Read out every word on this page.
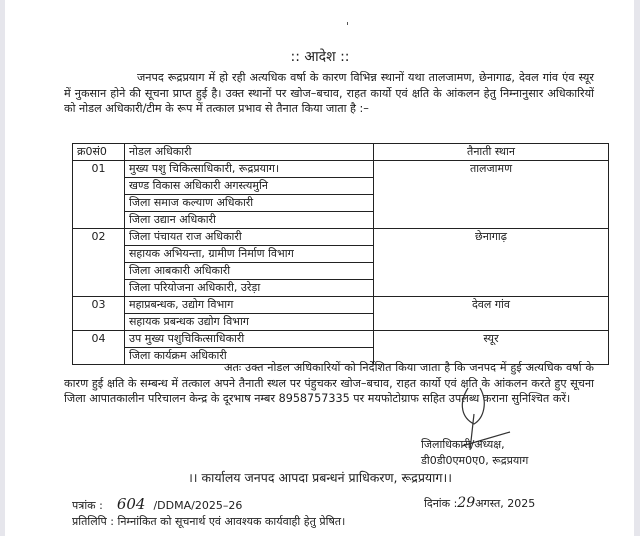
:: आदेश ::
जनपद रूद्रप्रयाग में हो रही अत्यधिक वर्षा के कारण विभिन्न स्थानों यथा तालजामण, छेनागाढ, देवल गांव एंव स्यूर में नुकसान होने की सूचना प्राप्त हुई है। उक्त स्थानों पर खोज–बचाव, राहत कार्यो एवं क्षति के आंकलन हेतु निम्नानुसार अधिकारियों को नोडल अधिकारी/टीम के रूप में तत्काल प्रभाव से तैनात किया जाता है :–
क्र0सं0	नोडल अधिकारी	तैनाती स्थान
01	मुख्य पशु चिकित्साधिकारी, रूद्रप्रयाग।	तालजामण
	खण्ड विकास अधिकारी अगस्त्यमुनि	
	जिला समाज कल्याण अधिकारी	
	जिला उद्यान अधिकारी	
02	जिला पंचायत राज अधिकारी	छेनागाढ़
	सहायक अभियन्ता, ग्रामीण निर्माण विभाग	
	जिला आबकारी अधिकारी	
	जिला परियोजना अधिकारी, उरेड़ा	
03	महाप्रबन्धक, उद्योग विभाग	देवल गांव
	सहायक प्रबन्धक उद्योग विभाग	
04	उप मुख्य पशुचिकित्साधिकारी	स्यूर
	जिला कार्यक्रम अधिकारी	
अतः उक्त नोडल अधिकारियों को निर्देशित किया जाता है कि जनपद में हुई अत्यधिक वर्षा के कारण हुई क्षति के सम्बन्ध में तत्काल अपने तैनाती स्थल पर पंहुचकर खोज–बचाव, राहत कार्यो एवं क्षति के आंकलन करते हुए सूचना जिला आपातकालीन परिचालन केन्द्र के दूरभाष नम्बर 8958757335 पर मयफोटोग्राफ सहित उपलब्ध कराना सुनिश्चित करें।
जिलाधिकारी/अध्यक्ष,
डी0डी0एम0ए0, रूद्रप्रयाग
।। कार्यालय जनपद आपदा प्रबन्धनं प्राधिकरण, रूद्रप्रयाग।।
पत्रांक : 604 /DDMA/2025–26	दिनांक :29अगस्त, 2025
प्रतिलिपि : निम्नांकित को सूचनार्थ एवं आवश्यक कार्यवाही हेतु प्रेषित।
